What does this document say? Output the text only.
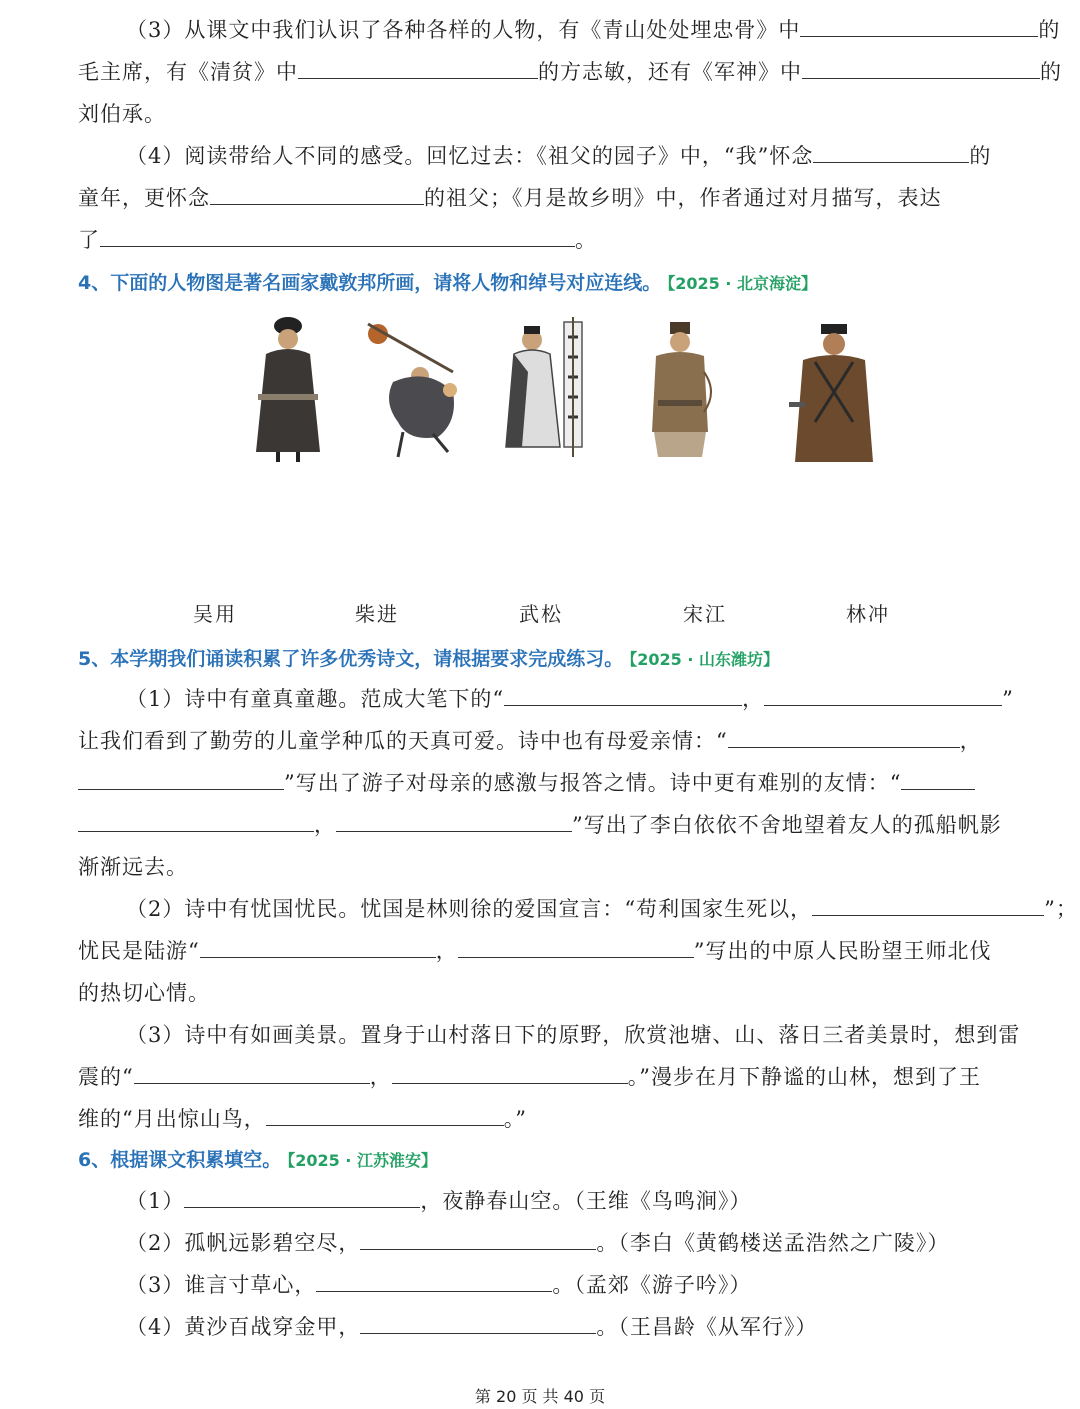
（3）从课文中我们认识了各种各样的人物，有《青山处处埋忠骨》中	的
毛主席，有《清贫》中	的方志敏，还有《军神》中	的
刘伯承。
（4）阅读带给人不同的感受。回忆过去：《祖父的园子》中，“我”怀念	的
童年，更怀念	的祖父；《月是故乡明》中，作者通过对月描写，表达
了	。
4、下面的人物图是著名画家戴敦邦所画，请将人物和绰号对应连线。 【2025 · 北京海淀】
吴用	柴进	武松	宋江	林冲
5、本学期我们诵读积累了许多优秀诗文，请根据要求完成练习。 【2025 · 山东潍坊】
（1）诗中有童真童趣。范成大笔下的“	，	”
让我们看到了勤劳的儿童学种瓜的天真可爱。诗中也有母爱亲情：“	，
”写出了游子对母亲的感激与报答之情。诗中更有难别的友情：“
，	”写出了李白依依不舍地望着友人的孤船帆影
渐渐远去。
（2）诗中有忧国忧民。忧国是林则徐的爱国宣言：“苟利国家生死以，	”；
忧民是陆游“	，	”写出的中原人民盼望王师北伐
的热切心情。
（3）诗中有如画美景。置身于山村落日下的原野，欣赏池塘、山、落日三者美景时，想到雷
震的“	，	。”漫步在月下静谧的山林，想到了王
维的“月出惊山鸟，	。”
6、根据课文积累填空。 【2025 · 江苏淮安】
（1）	，夜静春山空。（王维《鸟鸣涧》）
（2）孤帆远影碧空尽，	。（李白《黄鹤楼送孟浩然之广陵》）
（3）谁言寸草心，	。（孟郊《游子吟》）
（4）黄沙百战穿金甲，	。（王昌龄《从军行》）
第 20 页 共 40 页
